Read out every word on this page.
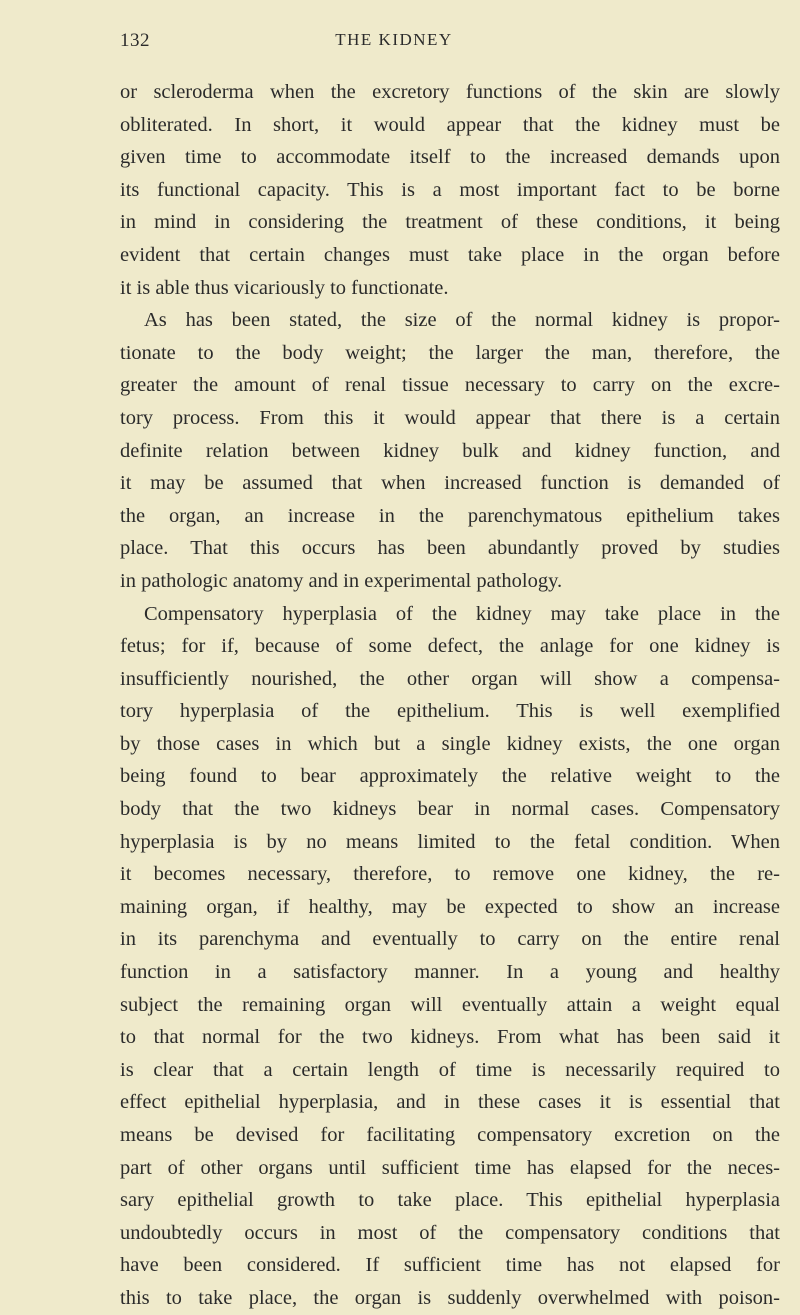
132	THE KIDNEY
or scleroderma when the excretory functions of the skin are slowly
obliterated. In short, it would appear that the kidney must be
given time to accommodate itself to the increased demands upon
its functional capacity. This is a most important fact to be borne
in mind in considering the treatment of these conditions, it being
evident that certain changes must take place in the organ before
it is able thus vicariously to functionate.
As has been stated, the size of the normal kidney is propor-
tionate to the body weight; the larger the man, therefore, the
greater the amount of renal tissue necessary to carry on the excre-
tory process. From this it would appear that there is a certain
definite relation between kidney bulk and kidney function, and
it may be assumed that when increased function is demanded of
the organ, an increase in the parenchymatous epithelium takes
place. That this occurs has been abundantly proved by studies
in pathologic anatomy and in experimental pathology.
Compensatory hyperplasia of the kidney may take place in the
fetus; for if, because of some defect, the anlage for one kidney is
insufficiently nourished, the other organ will show a compensa-
tory hyperplasia of the epithelium. This is well exemplified
by those cases in which but a single kidney exists, the one organ
being found to bear approximately the relative weight to the
body that the two kidneys bear in normal cases. Compensatory
hyperplasia is by no means limited to the fetal condition. When
it becomes necessary, therefore, to remove one kidney, the re-
maining organ, if healthy, may be expected to show an increase
in its parenchyma and eventually to carry on the entire renal
function in a satisfactory manner. In a young and healthy
subject the remaining organ will eventually attain a weight equal
to that normal for the two kidneys. From what has been said it
is clear that a certain length of time is necessarily required to
effect epithelial hyperplasia, and in these cases it is essential that
means be devised for facilitating compensatory excretion on the
part of other organs until sufficient time has elapsed for the neces-
sary epithelial growth to take place. This epithelial hyperplasia
undoubtedly occurs in most of the compensatory conditions that
have been considered. If sufficient time has not elapsed for
this to take place, the organ is suddenly overwhelmed with poison-
